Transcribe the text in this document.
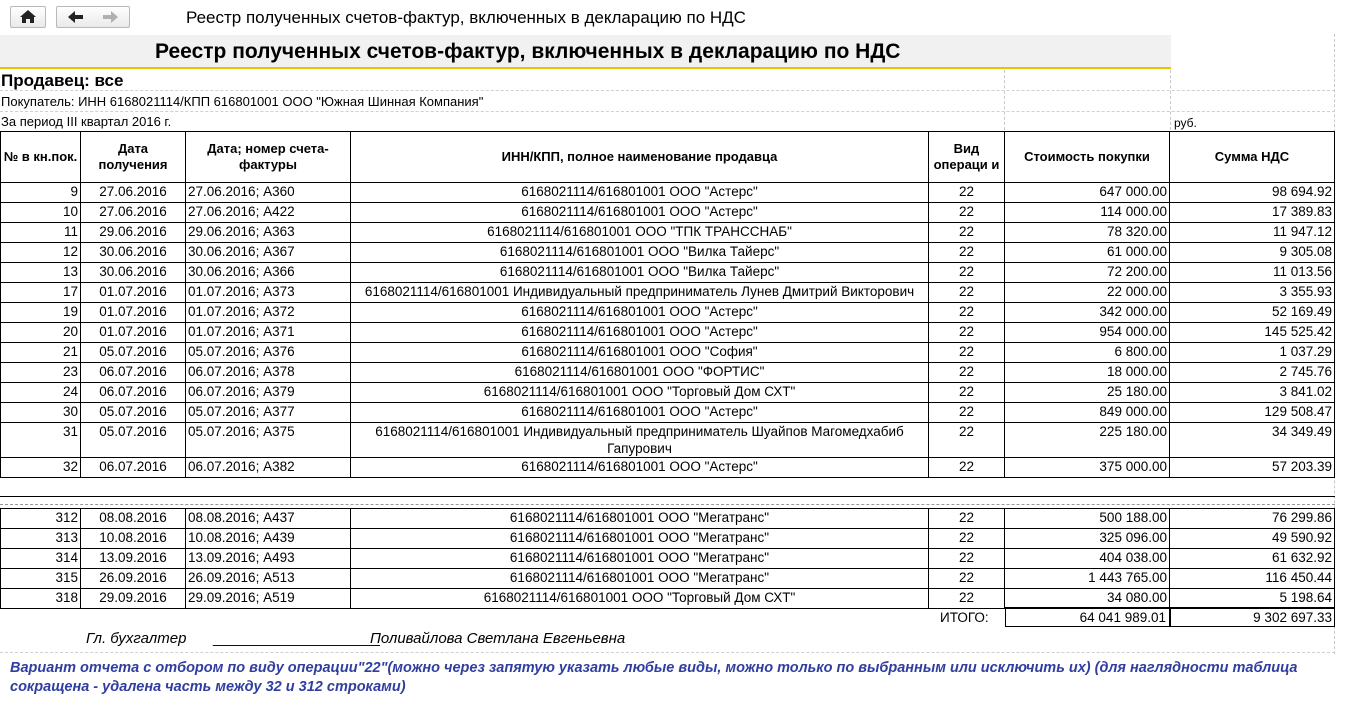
Реестр полученных счетов-фактур, включенных в декларацию по НДС
Реестр полученных счетов-фактур, включенных в декларацию по НДС
Продавец: все
Покупатель: ИНН 6168021114/КПП 616801001 ООО "Южная Шинная Компания"
За период III квартал 2016 г.	руб.
№ в кн.пок.	Дата получения	Дата; номер счета-фактуры	ИНН/КПП, полное наименование продавца	Вид операци и	Стоимость покупки	Сумма НДС
9	27.06.2016	27.06.2016; А360	6168021114/616801001 ООО "Астерс"	22	647 000.00	98 694.92
10	27.06.2016	27.06.2016; А422	6168021114/616801001 ООО "Астерс"	22	114 000.00	17 389.83
11	29.06.2016	29.06.2016; А363	6168021114/616801001 ООО "ТПК ТРАНССНАБ"	22	78 320.00	11 947.12
12	30.06.2016	30.06.2016; А367	6168021114/616801001 ООО "Вилка Тайерс"	22	61 000.00	9 305.08
13	30.06.2016	30.06.2016; А366	6168021114/616801001 ООО "Вилка Тайерс"	22	72 200.00	11 013.56
17	01.07.2016	01.07.2016; А373	6168021114/616801001 Индивидуальный предприниматель Лунев Дмитрий Викторович	22	22 000.00	3 355.93
19	01.07.2016	01.07.2016; А372	6168021114/616801001 ООО "Астерс"	22	342 000.00	52 169.49
20	01.07.2016	01.07.2016; А371	6168021114/616801001 ООО "Астерс"	22	954 000.00	145 525.42
21	05.07.2016	05.07.2016; А376	6168021114/616801001 ООО "София"	22	6 800.00	1 037.29
23	06.07.2016	06.07.2016; А378	6168021114/616801001 ООО "ФОРТИС"	22	18 000.00	2 745.76
24	06.07.2016	06.07.2016; А379	6168021114/616801001 ООО "Торговый Дом СХТ"	22	25 180.00	3 841.02
30	05.07.2016	05.07.2016; А377	6168021114/616801001 ООО "Астерс"	22	849 000.00	129 508.47
31	05.07.2016	05.07.2016; А375	6168021114/616801001 Индивидуальный предприниматель Шуайпов Магомедхабиб Гапурович	22	225 180.00	34 349.49
32	06.07.2016	06.07.2016; А382	6168021114/616801001 ООО "Астерс"	22	375 000.00	57 203.39
312	08.08.2016	08.08.2016; А437	6168021114/616801001 ООО "Мегатранс"	22	500 188.00	76 299.86
313	10.08.2016	10.08.2016; А439	6168021114/616801001 ООО "Мегатранс"	22	325 096.00	49 590.92
314	13.09.2016	13.09.2016; А493	6168021114/616801001 ООО "Мегатранс"	22	404 038.00	61 632.92
315	26.09.2016	26.09.2016; А513	6168021114/616801001 ООО "Мегатранс"	22	1 443 765.00	116 450.44
318	29.09.2016	29.09.2016; А519	6168021114/616801001 ООО "Торговый Дом СХТ"	22	34 080.00	5 198.64
ИТОГО:	64 041 989.01	9 302 697.33
Гл. бухгалтер ____________________
Поливайлова Светлана Евгеньевна
Вариант отчета с отбором по виду операции"22"(можно через запятую указать любые виды, можно только по выбранным или исключить их) (для наглядности таблица сокращена - удалена часть между 32 и 312 строками)
